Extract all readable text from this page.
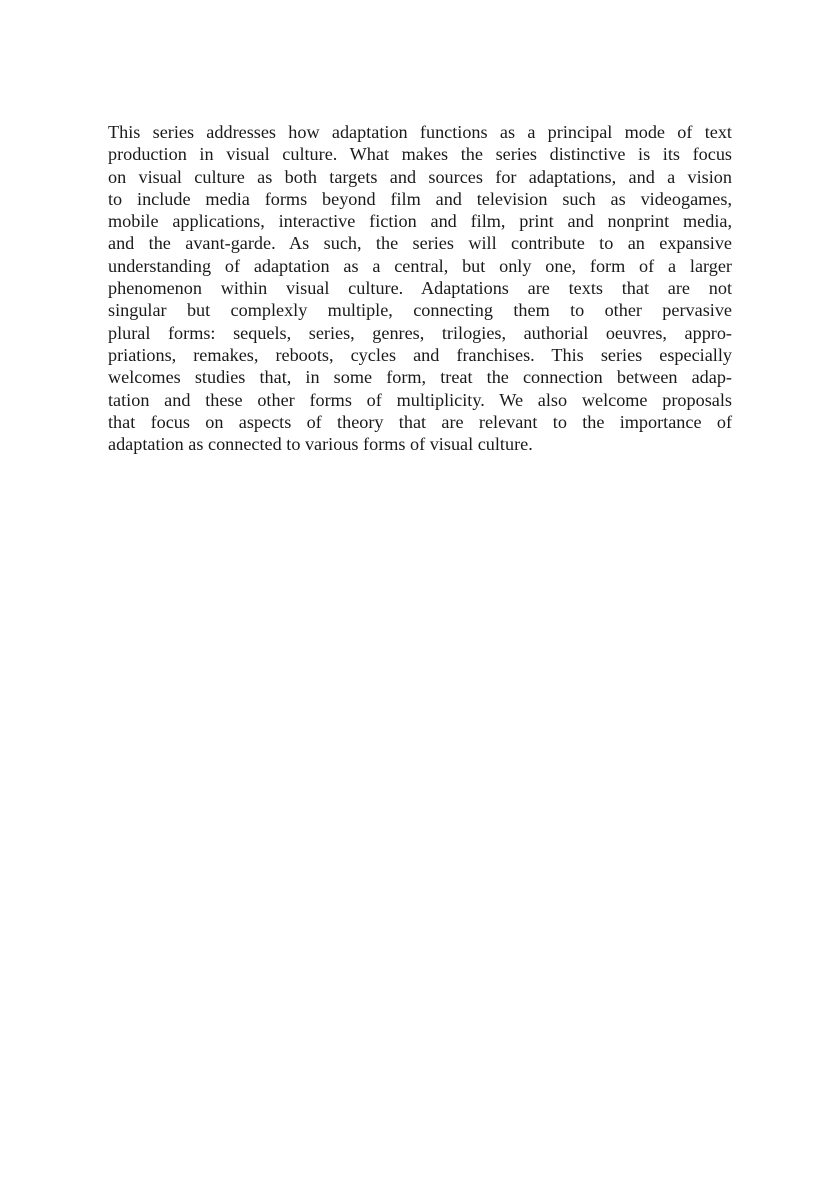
This series addresses how adaptation functions as a principal mode of text
production in visual culture. What makes the series distinctive is its focus
on visual culture as both targets and sources for adaptations, and a vision
to include media forms beyond film and television such as videogames,
mobile applications, interactive fiction and film, print and nonprint media,
and the avant-garde. As such, the series will contribute to an expansive
understanding of adaptation as a central, but only one, form of a larger
phenomenon within visual culture. Adaptations are texts that are not
singular but complexly multiple, connecting them to other pervasive
plural forms: sequels, series, genres, trilogies, authorial oeuvres, appro-
priations, remakes, reboots, cycles and franchises. This series especially
welcomes studies that, in some form, treat the connection between adap-
tation and these other forms of multiplicity. We also welcome proposals
that focus on aspects of theory that are relevant to the importance of
adaptation as connected to various forms of visual culture.
